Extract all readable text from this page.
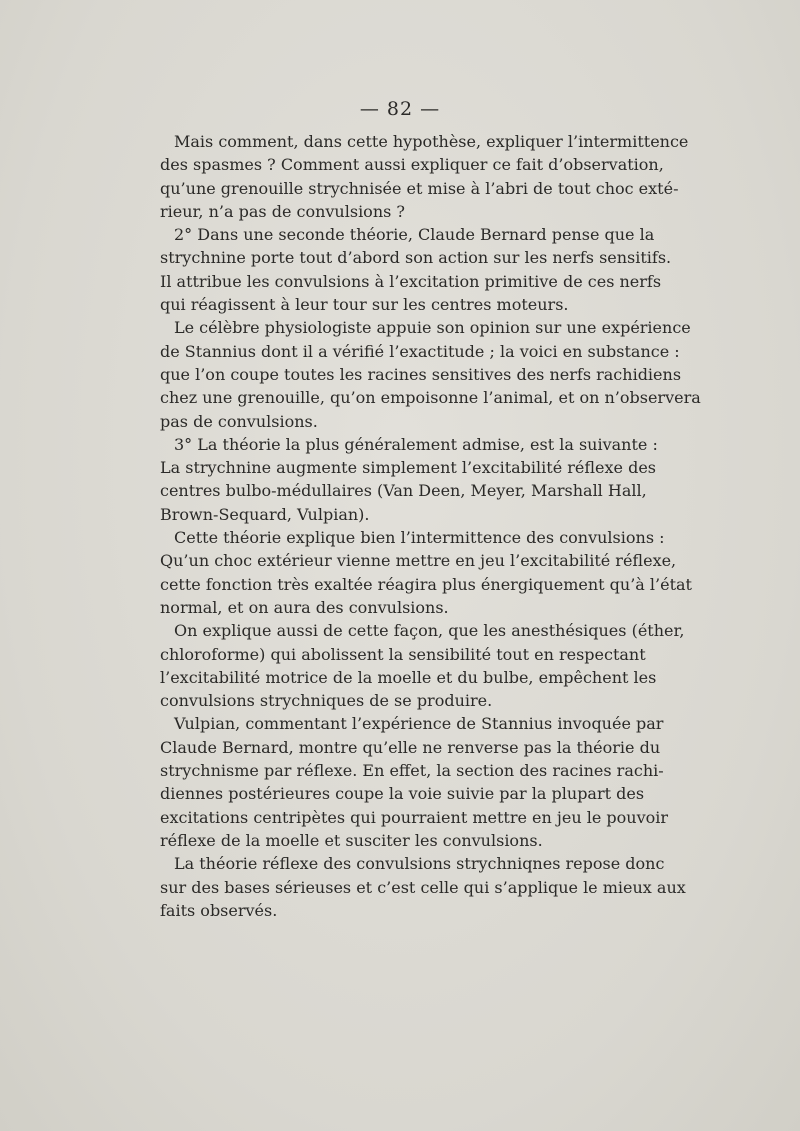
— 82 —
Mais comment, dans cette hypothèse, expliquer l’intermittence
des spasmes ? Comment aussi expliquer ce fait d’observation,
qu’une grenouille strychnisée et mise à l’abri de tout choc exté-
rieur, n’a pas de convulsions ?
2° Dans une seconde théorie, Claude Bernard pense que la
strychnine porte tout d’abord son action sur les nerfs sensitifs.
Il attribue les convulsions à l’excitation primitive de ces nerfs
qui réagissent à leur tour sur les centres moteurs.
Le célèbre physiologiste appuie son opinion sur une expérience
de Stannius dont il a vérifié l’exactitude ; la voici en substance :
que l’on coupe toutes les racines sensitives des nerfs rachidiens
chez une grenouille, qu’on empoisonne l’animal, et on n’observera
pas de convulsions.
3° La théorie la plus généralement admise, est la suivante :
La strychnine augmente simplement l’excitabilité réflexe des
centres bulbo-médullaires (Van Deen, Meyer, Marshall Hall,
Brown-Sequard, Vulpian).
Cette théorie explique bien l’intermittence des convulsions :
Qu’un choc extérieur vienne mettre en jeu l’excitabilité réflexe,
cette fonction très exaltée réagira plus énergiquement qu’à l’état
normal, et on aura des convulsions.
On explique aussi de cette façon, que les anesthésiques (éther,
chloroforme) qui abolissent la sensibilité tout en respectant
l’excitabilité motrice de la moelle et du bulbe, empêchent les
convulsions strychniques de se produire.
Vulpian, commentant l’expérience de Stannius invoquée par
Claude Bernard, montre qu’elle ne renverse pas la théorie du
strychnisme par réflexe. En effet, la section des racines rachi-
diennes postérieures coupe la voie suivie par la plupart des
excitations centripètes qui pourraient mettre en jeu le pouvoir
réflexe de la moelle et susciter les convulsions.
La théorie réflexe des convulsions strychniqnes repose donc
sur des bases sérieuses et c’est celle qui s’applique le mieux aux
faits observés.
